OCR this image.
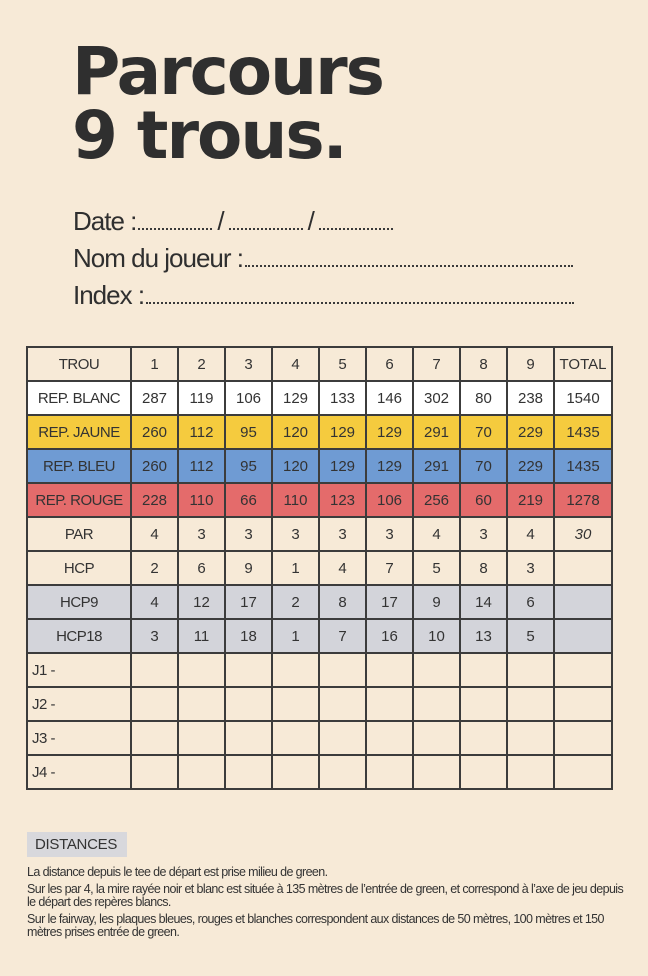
Parcours
9 trous.
Date :	/	/
Nom du joueur :
Index :
TROU	1	2	3	4	5	6	7	8	9	TOTAL
REP. BLANC	287	119	106	129	133	146	302	80	238	1540
REP. JAUNE	260	112	95	120	129	129	291	70	229	1435
REP. BLEU	260	112	95	120	129	129	291	70	229	1435
REP. ROUGE	228	110	66	110	123	106	256	60	219	1278
PAR	4	3	3	3	3	3	4	3	4	30
HCP	2	6	9	1	4	7	5	8	3	
HCP9	4	12	17	2	8	17	9	14	6	
HCP18	3	11	18	1	7	16	10	13	5	
J1 -										
J2 -										
J3 -										
J4 -										
DISTANCES

La distance depuis le tee de départ est prise milieu de green.

Sur les par 4, la mire rayée noir et blanc est située à 135 mètres de l’entrée de green, et correspond à l’axe de jeu depuis le départ des repères blancs.

Sur le fairway, les plaques bleues, rouges et blanches correspondent aux distances de 50 mètres, 100 mètres et 150 mètres prises entrée de green.
